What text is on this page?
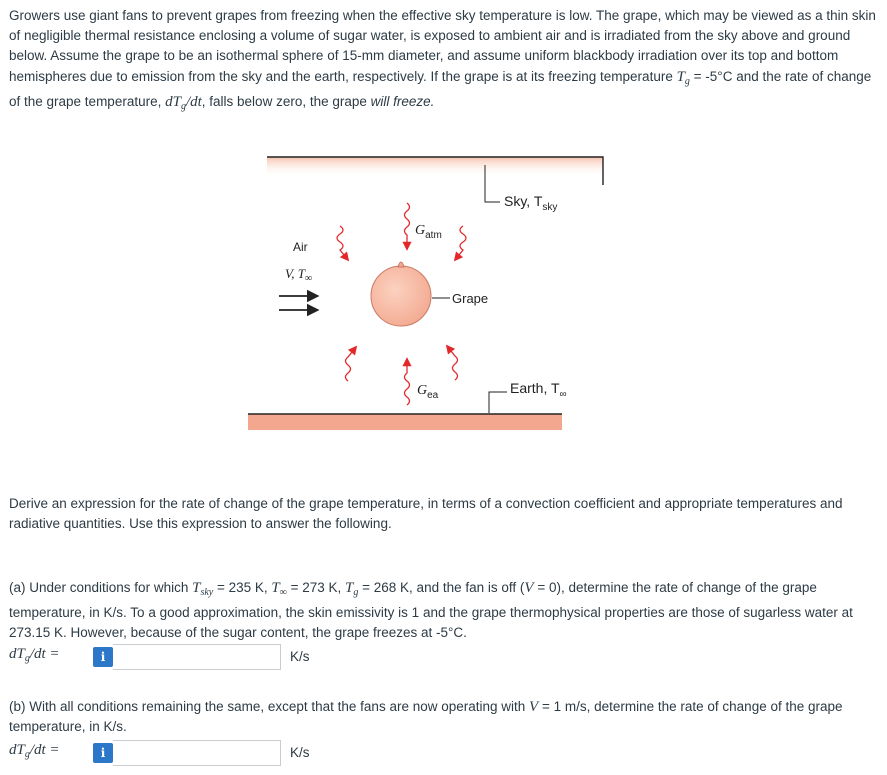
Growers use giant fans to prevent grapes from freezing when the effective sky temperature is low. The grape, which may be viewed as a thin skin of negligible thermal resistance enclosing a volume of sugar water, is exposed to ambient air and is irradiated from the sky above and ground below. Assume the grape to be an isothermal sphere of 15-mm diameter, and assume uniform blackbody irradiation over its top and bottom hemispheres due to emission from the sky and the earth, respectively. If the grape is at its freezing temperature $T_g = -5^\circ C$ and the rate of change of the grape temperature, $dT_g/dt$, falls below zero, the grape will freeze.

Sky, $T_{sky}$
$G_{atm}$
Air
V, $T_\infty$
Grape
$G_{ea}$	Earth, $T_\infty$

Derive an expression for the rate of change of the grape temperature, in terms of a convection coefficient and appropriate temperatures and radiative quantities. Use this expression to answer the following.

(a) Under conditions for which $T_{sky} = 235$ K, $T_\infty = 273$ K, $T_g = 268$ K, and the fan is off (V = 0), determine the rate of change of the grape temperature, in K/s. To a good approximation, the skin emissivity is 1 and the grape thermophysical properties are those of sugarless water at 273.15 K. However, because of the sugar content, the grape freezes at -5°C.

$dT_g/dt$ =	i	K/s

(b) With all conditions remaining the same, except that the fans are now operating with V = 1 m/s, determine the rate of change of the grape temperature, in K/s.

$dT_g/dt$ =	i	K/s
